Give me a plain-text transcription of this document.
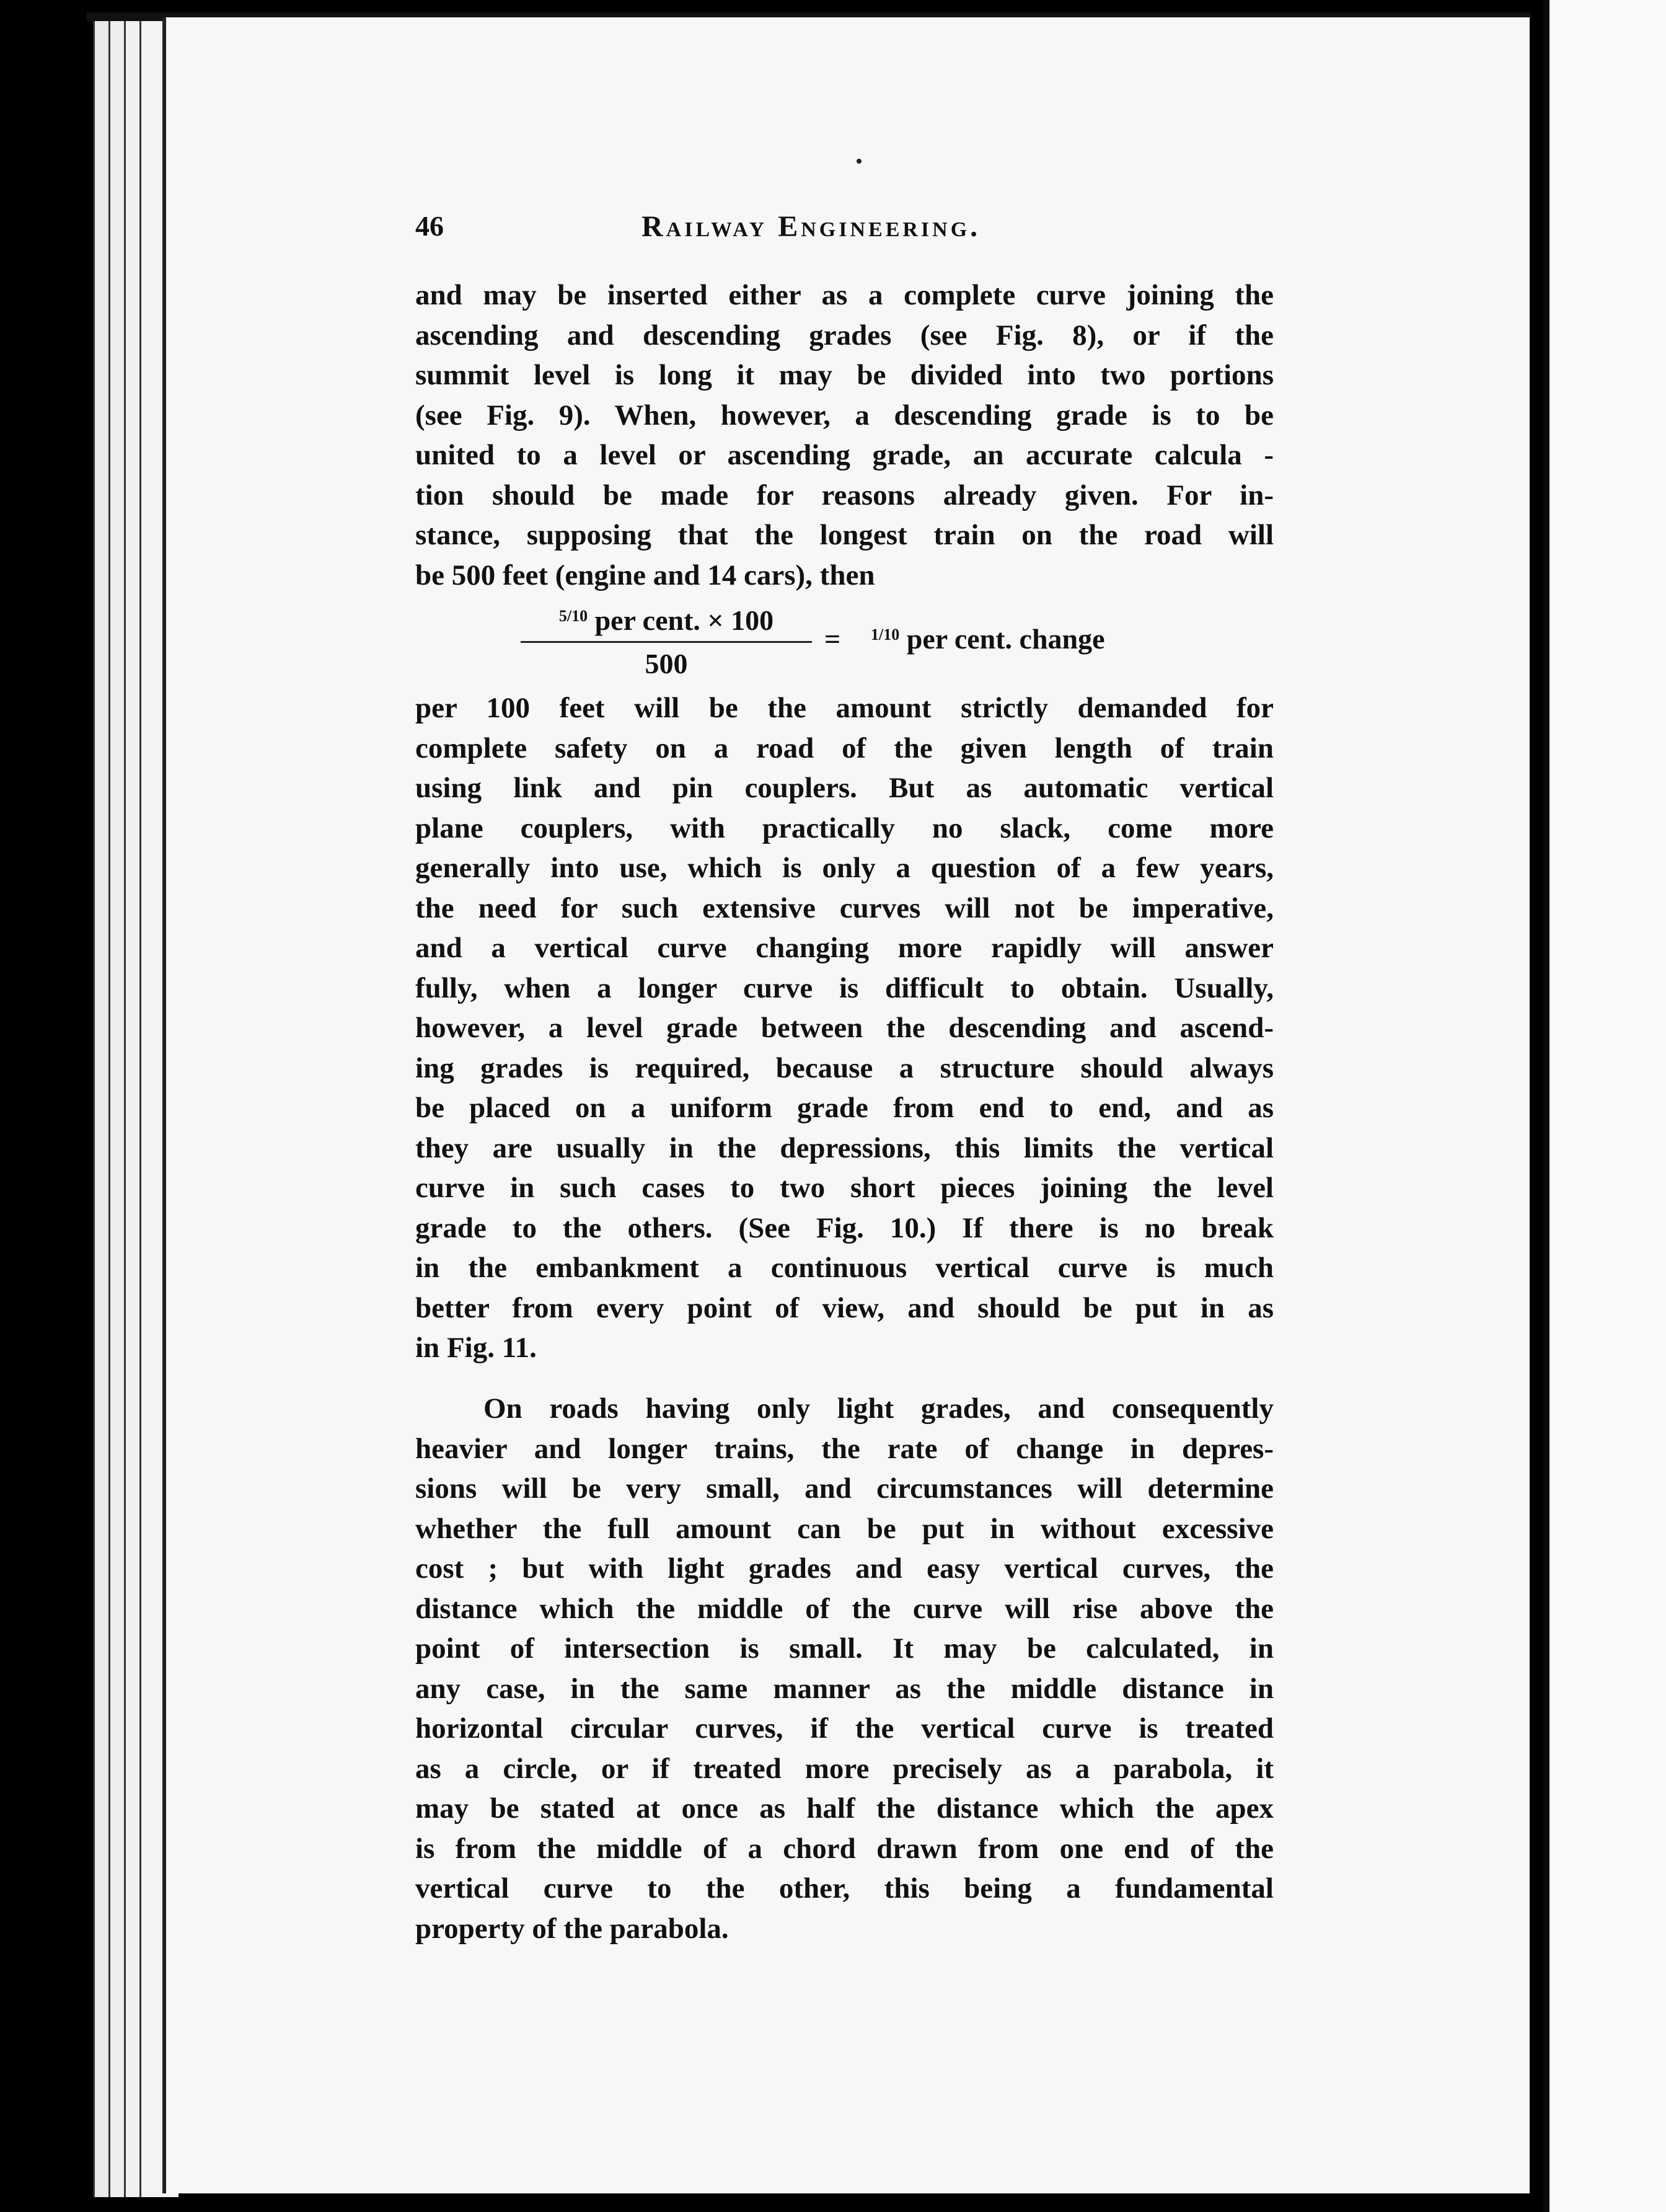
46	Railway Engineering.
and may be inserted either as a complete curve joining the
ascending and descending grades (see Fig. 8), or if the
summit level is long it may be divided into two portions
(see Fig. 9). When, however, a descending grade is to be
united to a level or ascending grade, an accurate calcula -
tion should be made for reasons already given. For in-
stance, supposing that the longest train on the road will
be 500 feet (engine and 14 cars), then
$^{5/10}$ per cent. × 100
500
= $^{1/10}$ per cent. change
per 100 feet will be the amount strictly demanded for
complete safety on a road of the given length of train
using link and pin couplers. But as automatic vertical
plane couplers, with practically no slack, come more
generally into use, which is only a question of a few years,
the need for such extensive curves will not be imperative,
and a vertical curve changing more rapidly will answer
fully, when a longer curve is difficult to obtain. Usually,
however, a level grade between the descending and ascend-
ing grades is required, because a structure should always
be placed on a uniform grade from end to end, and as
they are usually in the depressions, this limits the vertical
curve in such cases to two short pieces joining the level
grade to the others. (See Fig. 10.) If there is no break
in the embankment a continuous vertical curve is much
better from every point of view, and should be put in as
in Fig. 11.
On roads having only light grades, and consequently
heavier and longer trains, the rate of change in depres-
sions will be very small, and circumstances will determine
whether the full amount can be put in without excessive
cost ; but with light grades and easy vertical curves, the
distance which the middle of the curve will rise above the
point of intersection is small. It may be calculated, in
any case, in the same manner as the middle distance in
horizontal circular curves, if the vertical curve is treated
as a circle, or if treated more precisely as a parabola, it
may be stated at once as half the distance which the apex
is from the middle of a chord drawn from one end of the
vertical curve to the other, this being a fundamental
property of the parabola.
